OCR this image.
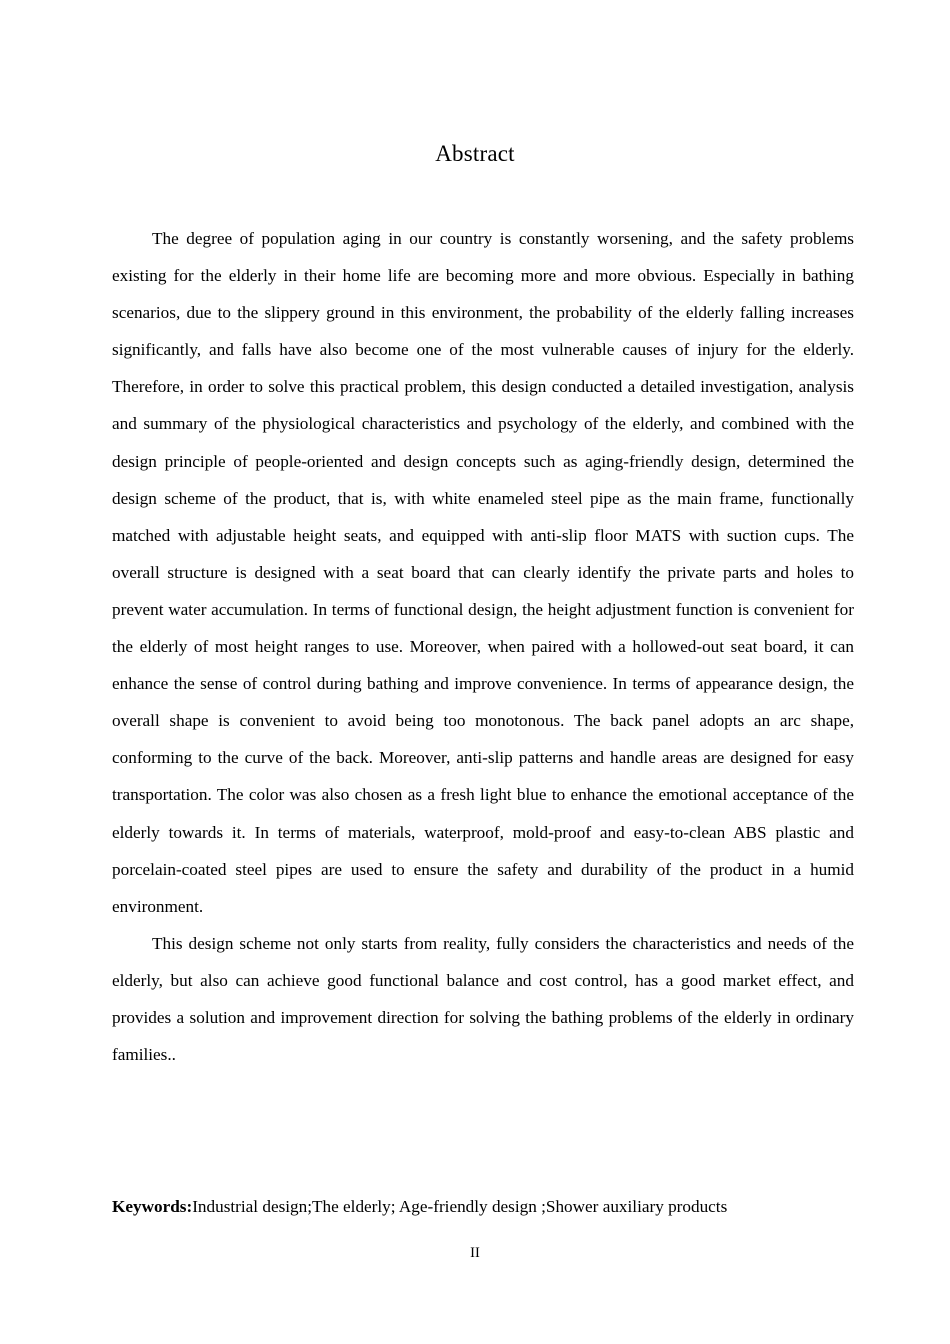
Abstract

The degree of population aging in our country is constantly worsening, and the safety problems existing for the elderly in their home life are becoming more and more obvious. Especially in bathing scenarios, due to the slippery ground in this environment, the probability of the elderly falling increases significantly, and falls have also become one of the most vulnerable causes of injury for the elderly. Therefore, in order to solve this practical problem, this design conducted a detailed investigation, analysis and summary of the physiological characteristics and psychology of the elderly, and combined with the design principle of people-oriented and design concepts such as aging-friendly design, determined the design scheme of the product, that is, with white enameled steel pipe as the main frame, functionally matched with adjustable height seats, and equipped with anti-slip floor MATS with suction cups. The overall structure is designed with a seat board that can clearly identify the private parts and holes to prevent water accumulation. In terms of functional design, the height adjustment function is convenient for the elderly of most height ranges to use. Moreover, when paired with a hollowed-out seat board, it can enhance the sense of control during bathing and improve convenience. In terms of appearance design, the overall shape is convenient to avoid being too monotonous. The back panel adopts an arc shape, conforming to the curve of the back. Moreover, anti-slip patterns and handle areas are designed for easy transportation. The color was also chosen as a fresh light blue to enhance the emotional acceptance of the elderly towards it. In terms of materials, waterproof, mold-proof and easy-to-clean ABS plastic and porcelain-coated steel pipes are used to ensure the safety and durability of the product in a humid environment.

This design scheme not only starts from reality, fully considers the characteristics and needs of the elderly, but also can achieve good functional balance and cost control, has a good market effect, and provides a solution and improvement direction for solving the bathing problems of the elderly in ordinary families..

Keywords:Industrial design;The elderly; Age-friendly design ;Shower auxiliary products
II
